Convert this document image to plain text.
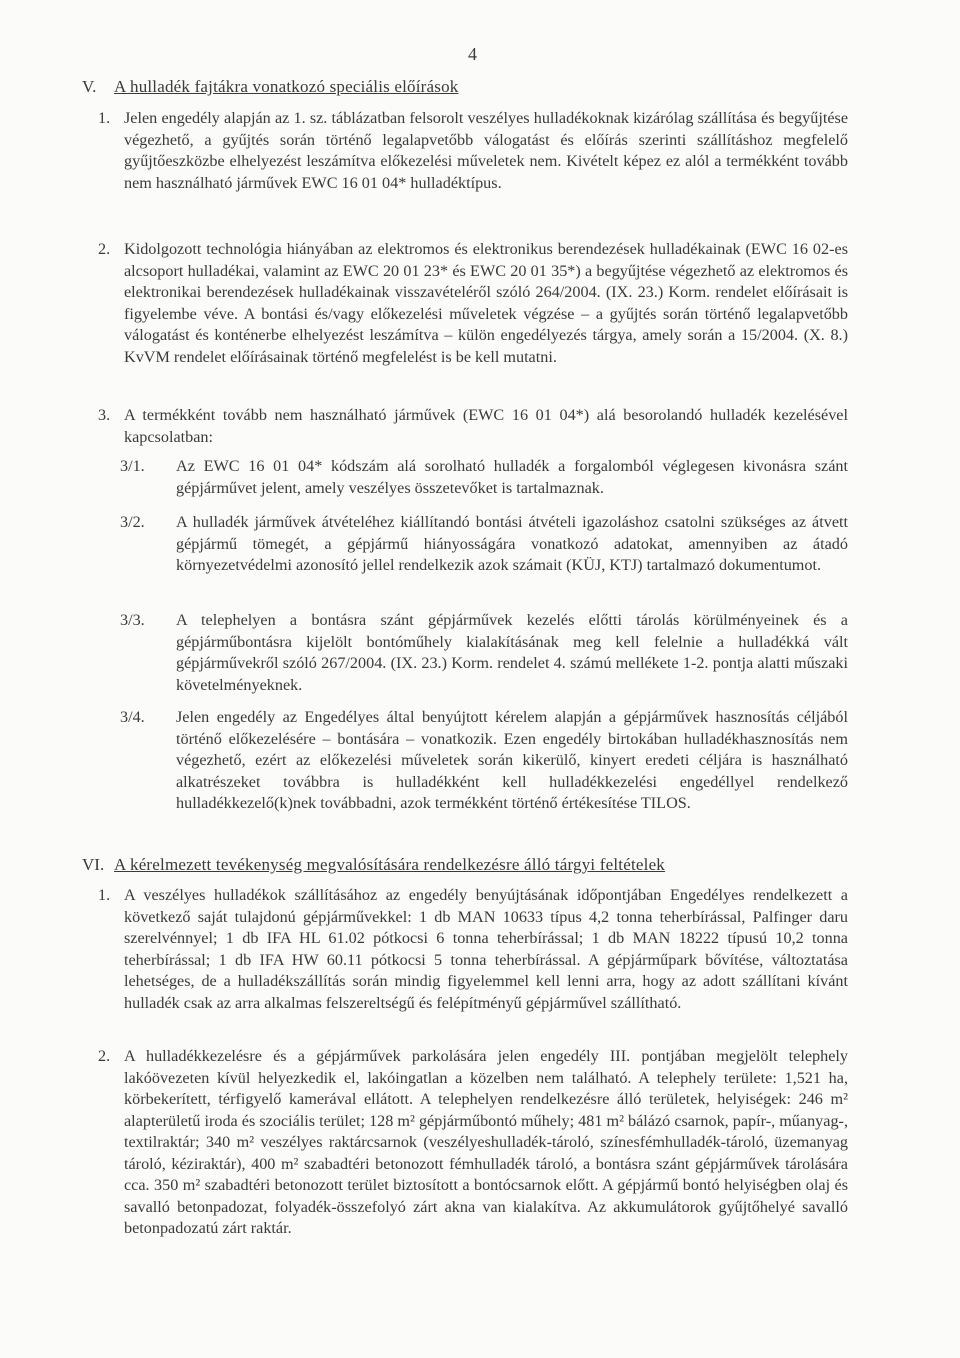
4
V. A hulladék fajtákra vonatkozó speciális előírások
1. Jelen engedély alapján az 1. sz. táblázatban felsorolt veszélyes hulladékoknak kizárólag szállítása és begyűjtése végezhető, a gyűjtés során történő legalapvetőbb válogatást és előírás szerinti szállításhoz megfelelő gyűjtőeszközbe elhelyezést leszámítva előkezelési műveletek nem. Kivételt képez ez alól a termékként tovább nem használható járművek EWC 16 01 04* hulladéktípus.
2. Kidolgozott technológia hiányában az elektromos és elektronikus berendezések hulladékainak (EWC 16 02-es alcsoport hulladékai, valamint az EWC 20 01 23* és EWC 20 01 35*) a begyűjtése végezhető az elektromos és elektronikai berendezések hulladékainak visszavételéről szóló 264/2004. (IX. 23.) Korm. rendelet előírásait is figyelembe véve. A bontási és/vagy előkezelési műveletek végzése – a gyűjtés során történő legalapvetőbb válogatást és konténerbe elhelyezést leszámítva – külön engedélyezés tárgya, amely során a 15/2004. (X. 8.) KvVM rendelet előírásainak történő megfelelést is be kell mutatni.
3. A termékként tovább nem használható járművek (EWC 16 01 04*) alá besorolandó hulladék kezelésével kapcsolatban:
3/1. Az EWC 16 01 04* kódszám alá sorolható hulladék a forgalomból véglegesen kivonásra szánt gépjárművet jelent, amely veszélyes összetevőket is tartalmaznak.
3/2. A hulladék járművek átvételéhez kiállítandó bontási átvételi igazoláshoz csatolni szükséges az átvett gépjármű tömegét, a gépjármű hiányosságára vonatkozó adatokat, amennyiben az átadó környezetvédelmi azonosító jellel rendelkezik azok számait (KÜJ, KTJ) tartalmazó dokumentumot.
3/3. A telephelyen a bontásra szánt gépjárművek kezelés előtti tárolás körülményeinek és a gépjárműbontásra kijelölt bontóműhely kialakításának meg kell felelnie a hulladékká vált gépjárművekről szóló 267/2004. (IX. 23.) Korm. rendelet 4. számú mellékete 1-2. pontja alatti műszaki követelményeknek.
3/4. Jelen engedély az Engedélyes által benyújtott kérelem alapján a gépjárművek hasznosítás céljából történő előkezelésére – bontására – vonatkozik. Ezen engedély birtokában hulladékhasznosítás nem végezhető, ezért az előkezelési műveletek során kikerülő, kinyert eredeti céljára is használható alkatrészeket továbbra is hulladékként kell hulladékkezelési engedéllyel rendelkező hulladékkezelő(k)nek továbbadni, azok termékként történő értékesítése TILOS.
VI. A kérelmezett tevékenység megvalósítására rendelkezésre álló tárgyi feltételek
1. A veszélyes hulladékok szállításához az engedély benyújtásának időpontjában Engedélyes rendelkezett a következő saját tulajdonú gépjárművekkel: 1 db MAN 10633 típus 4,2 tonna teherbírással, Palfinger daru szerelvénnyel; 1 db IFA HL 61.02 pótkocsi 6 tonna teherbírással; 1 db MAN 18222 típusú 10,2 tonna teherbírással; 1 db IFA HW 60.11 pótkocsi 5 tonna teherbírással. A gépjárműpark bővítése, változtatása lehetséges, de a hulladékszállítás során mindig figyelemmel kell lenni arra, hogy az adott szállítani kívánt hulladék csak az arra alkalmas felszereltségű és felépítményű gépjárművel szállítható.
2. A hulladékkezelésre és a gépjárművek parkolására jelen engedély III. pontjában megjelölt telephely lakóövezeten kívül helyezkedik el, lakóingatlan a közelben nem található. A telephely területe: 1,521 ha, körbekerített, térfigyelő kamerával ellátott. A telephelyen rendelkezésre álló területek, helyiségek: 246 m² alapterületű iroda és szociális terület; 128 m² gépjárműbontó műhely; 481 m² bálázó csarnok, papír-, műanyag-, textilraktár; 340 m² veszélyes raktárcsarnok (veszélyeshulladék-tároló, színesfémhulladék-tároló, üzemanyag tároló, kéziraktár), 400 m² szabadtéri betonozott fémhulladék tároló, a bontásra szánt gépjárművek tárolására cca. 350 m² szabadtéri betonozott terület biztosított a bontócsarnok előtt. A gépjármű bontó helyiségben olaj és savalló betonpadozat, folyadék-összefolyó zárt akna van kialakítva. Az akkumulátorok gyűjtőhelyé savalló betonpadozatú zárt raktár.
